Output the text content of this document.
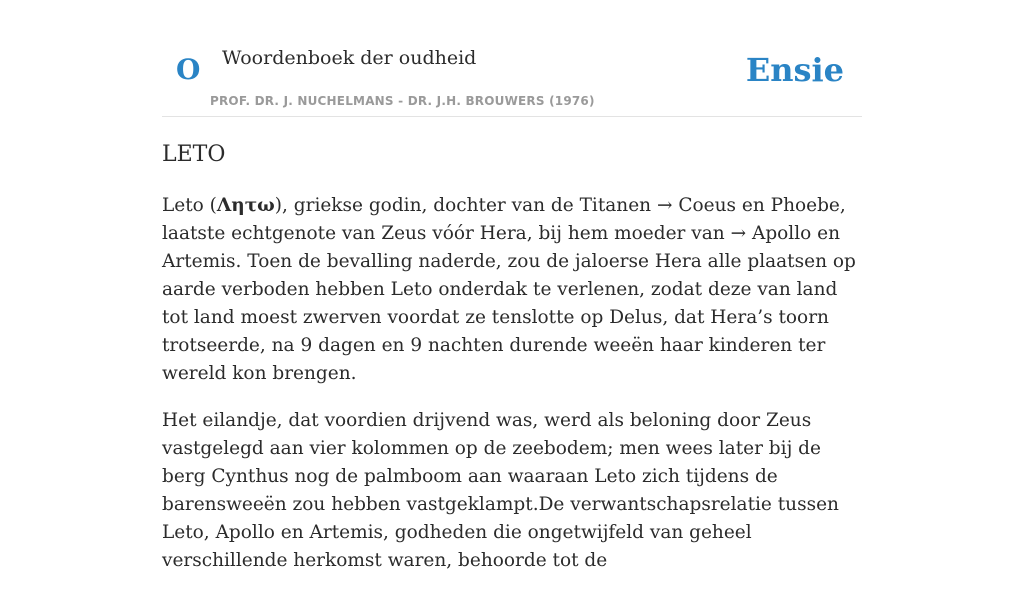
O Woordenboek der oudheid
PROF. DR. J. NUCHELMANS - DR. J.H. BROUWERS (1976)
Ensie
LETO

Leto (Λητω), griekse godin, dochter van de Titanen → Coeus en Phoebe, laatste echtgenote van Zeus vóór Hera, bij hem moeder van → Apollo en Artemis. Toen de bevalling naderde, zou de jaloerse Hera alle plaatsen op aarde verboden hebben Leto onderdak te verlenen, zodat deze van land tot land moest zwerven voordat ze tenslotte op Delus, dat Hera’s toorn trotseerde, na 9 dagen en 9 nachten durende weeën haar kinderen ter wereld kon brengen.

Het eilandje, dat voordien drijvend was, werd als beloning door Zeus vastgelegd aan vier kolommen op de zeebodem; men wees later bij de berg Cynthus nog de palmboom aan waaraan Leto zich tijdens de barensweeën zou hebben vastgeklampt.De verwantschapsrelatie tussen Leto, Apollo en Artemis, godheden die ongetwijfeld van geheel verschillende herkomst waren, behoorde tot de
